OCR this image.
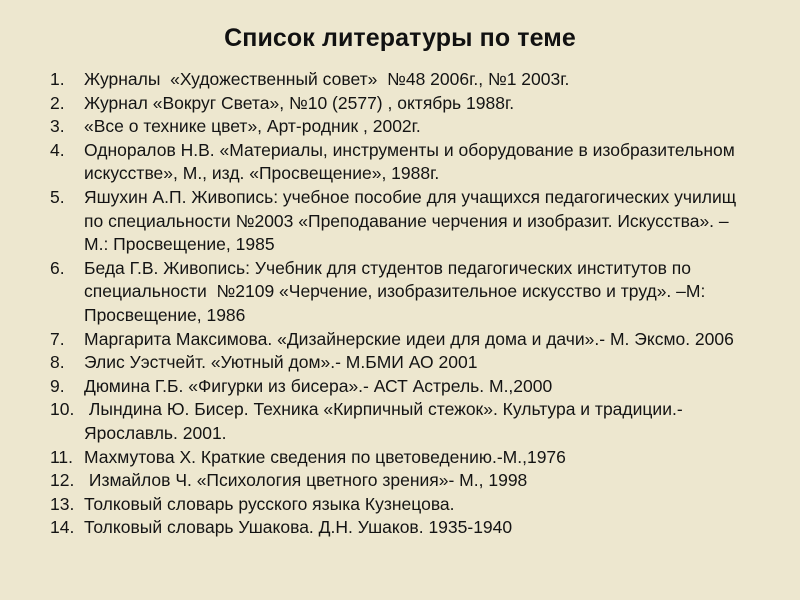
Список литературы по теме
1. Журналы  «Художественный совет»  №48 2006г., №1 2003г.
2. Журнал «Вокруг Света», №10 (2577) , октябрь 1988г.
3. «Все о технике цвет», Арт-родник , 2002г.
4. Однoралов Н.В. «Материалы, инструменты и оборудование в изобразительном искусстве», М., изд. «Просвещение», 1988г.
5. Яшухин А.П. Живопись: учебное пособие для учащихся педагогических училищ по специальности №2003 «Преподавание черчения и изобразит. Искусства». – М.: Просвещение, 1985
6. Беда Г.В. Живопись: Учебник для студентов педагогических институтов по специальности  №2109 «Черчение, изобразительное искусство и труд». –М: Просвещение, 1986
7. Маргарита Максимова. «Дизайнерские идеи для дома и дачи».- М. Эксмо. 2006
8. Элис Уэстчейт. «Уютный дом».- М.БМИ АО 2001
9. Дюмина Г.Б. «Фигурки из бисера».- АСТ Астрель. М.,2000
10. Лындина Ю. Бисер. Техника «Кирпичный стежок». Культура и традиции.- Ярославль. 2001.
11. Махмутова Х. Краткие сведения по цветоведению.-М.,1976
12. Измайлов Ч. «Психология цветного зрения»- М., 1998
13. Толковый словарь русского языка Кузнецова.
14. Толковый словарь Ушакова. Д.Н. Ушаков. 1935-1940
